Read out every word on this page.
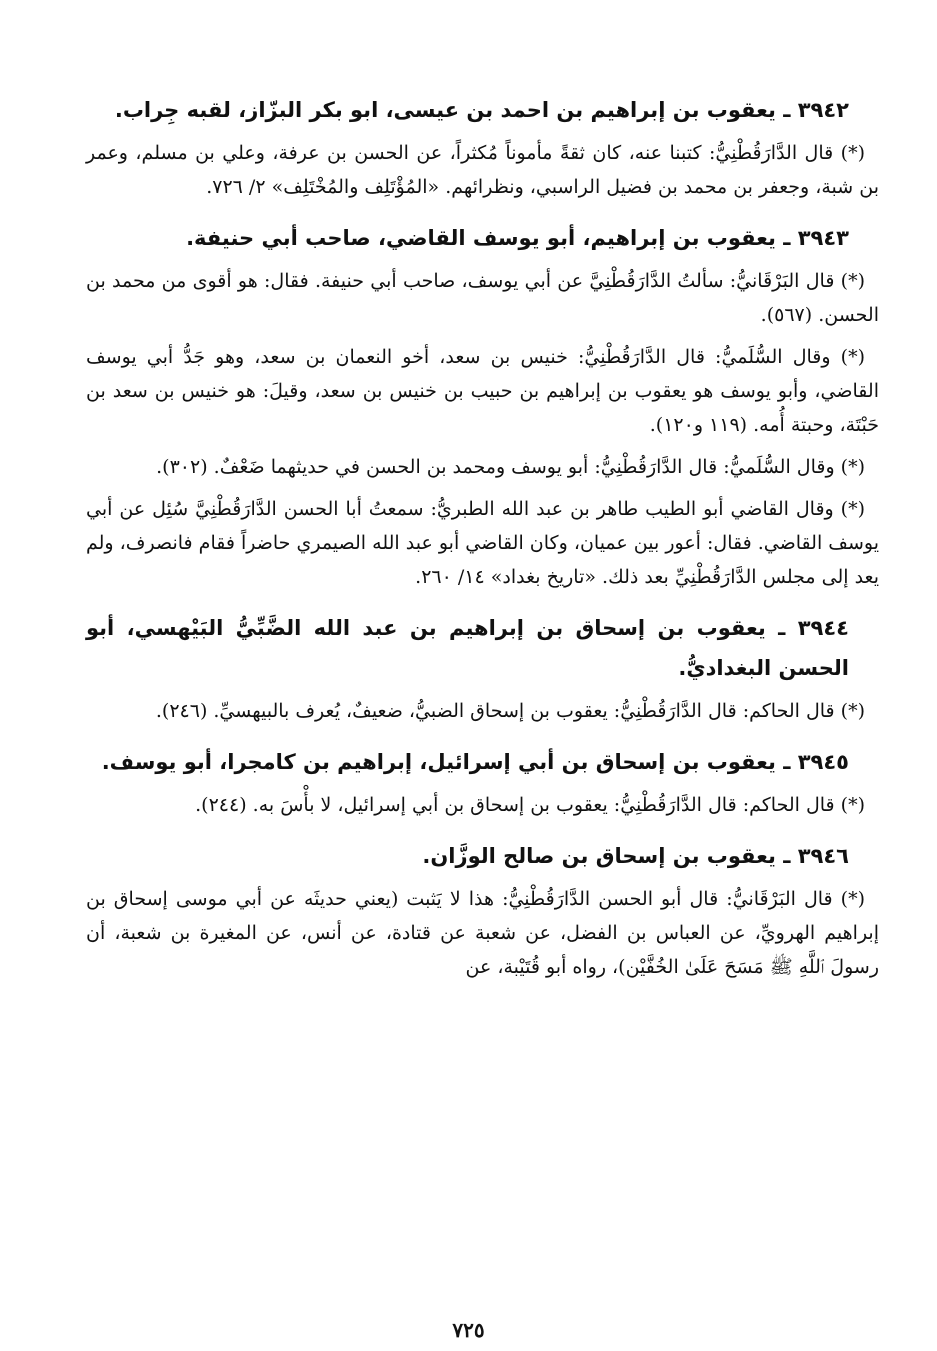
٣٩٤٢ ـ يعقوب بن إبراهيم بن احمد بن عيسى، ابو بكر البزّاز، لقبه جِراب.
(*) قال الدَّارَقُطْنِيُّ: كتبنا عنه، كان ثقةً مأموناً مُكثراً، عن الحسن بن عرفة، وعلي بن مسلم، وعمر بن شبة، وجعفر بن محمد بن فضيل الراسبي، ونظرائهم. «المُؤْتَلِف والمُخْتَلِف» ٢/ ٧٢٦.
٣٩٤٣ ـ يعقوب بن إبراهيم، أبو يوسف القاضي، صاحب أبي حنيفة.
(*) قال البَرْقَانيُّ: سألتُ الدَّارَقُطْنِيَّ عن أبي يوسف، صاحب أبي حنيفة. فقال: هو أقوى من محمد بن الحسن. (٥٦٧).
(*) وقال السُّلَميُّ: قال الدَّارَقُطْنِيُّ: خنيس بن سعد، أخو النعمان بن سعد، وهو جَدُّ أبي يوسف القاضي، وأبو يوسف هو يعقوب بن إبراهيم بن حبيب بن خنيس بن سعد، وقيلَ: هو خنيس بن سعد بن حَبْتَة، وحبتة أُمه. (١١٩ و١٢٠).
(*) وقال السُّلَميُّ: قال الدَّارَقُطْنِيُّ: أبو يوسف ومحمد بن الحسن في حديثهما ضَعْفٌ. (٣٠٢).
(*) وقال القاضي أبو الطيب طاهر بن عبد الله الطبريُّ: سمعتُ أبا الحسن الدَّارَقُطْنِيَّ سُئِل عن أبي يوسف القاضي. فقال: أعور بين عميان، وكان القاضي أبو عبد الله الصيمري حاضراً فقام فانصرف، ولم يعد إلى مجلس الدَّارَقُطْنِيِّ بعد ذلك. «تاريخ بغداد» ١٤/ ٢٦٠.
٣٩٤٤ ـ يعقوب بن إسحاق بن إبراهيم بن عبد الله الضَّبِّيُّ البَيْهسي، أبو الحسن البغداديُّ.
(*) قال الحاكم: قال الدَّارَقُطْنِيُّ: يعقوب بن إسحاق الضبيُّ، ضعيفٌ، يُعرف بالبيهسيِّ. (٢٤٦).
٣٩٤٥ ـ يعقوب بن إسحاق بن أبي إسرائيل، إبراهيم بن كامجرا، أبو يوسف.
(*) قال الحاكم: قال الدَّارَقُطْنِيُّ: يعقوب بن إسحاق بن أبي إسرائيل، لا بأْسَ به. (٢٤٤).
٣٩٤٦ ـ يعقوب بن إسحاق بن صالح الوزَّان.
(*) قال البَرْقَانيُّ: قال أبو الحسن الدَّارَقُطْنِيُّ: هذا لا يَثبت (يعني حديثَه عن أبي موسى إسحاق بن إبراهيم الهرويِّ، عن العباس بن الفضل، عن شعبة عن قتادة، عن أنس، عن المغيرة بن شعبة، أن رسولَ ٱللَّهِ ﷺ مَسَحَ عَلَىٰ الخُفَّيْن)، رواه أبو قُتَيْبة، عن
٧٢٥
